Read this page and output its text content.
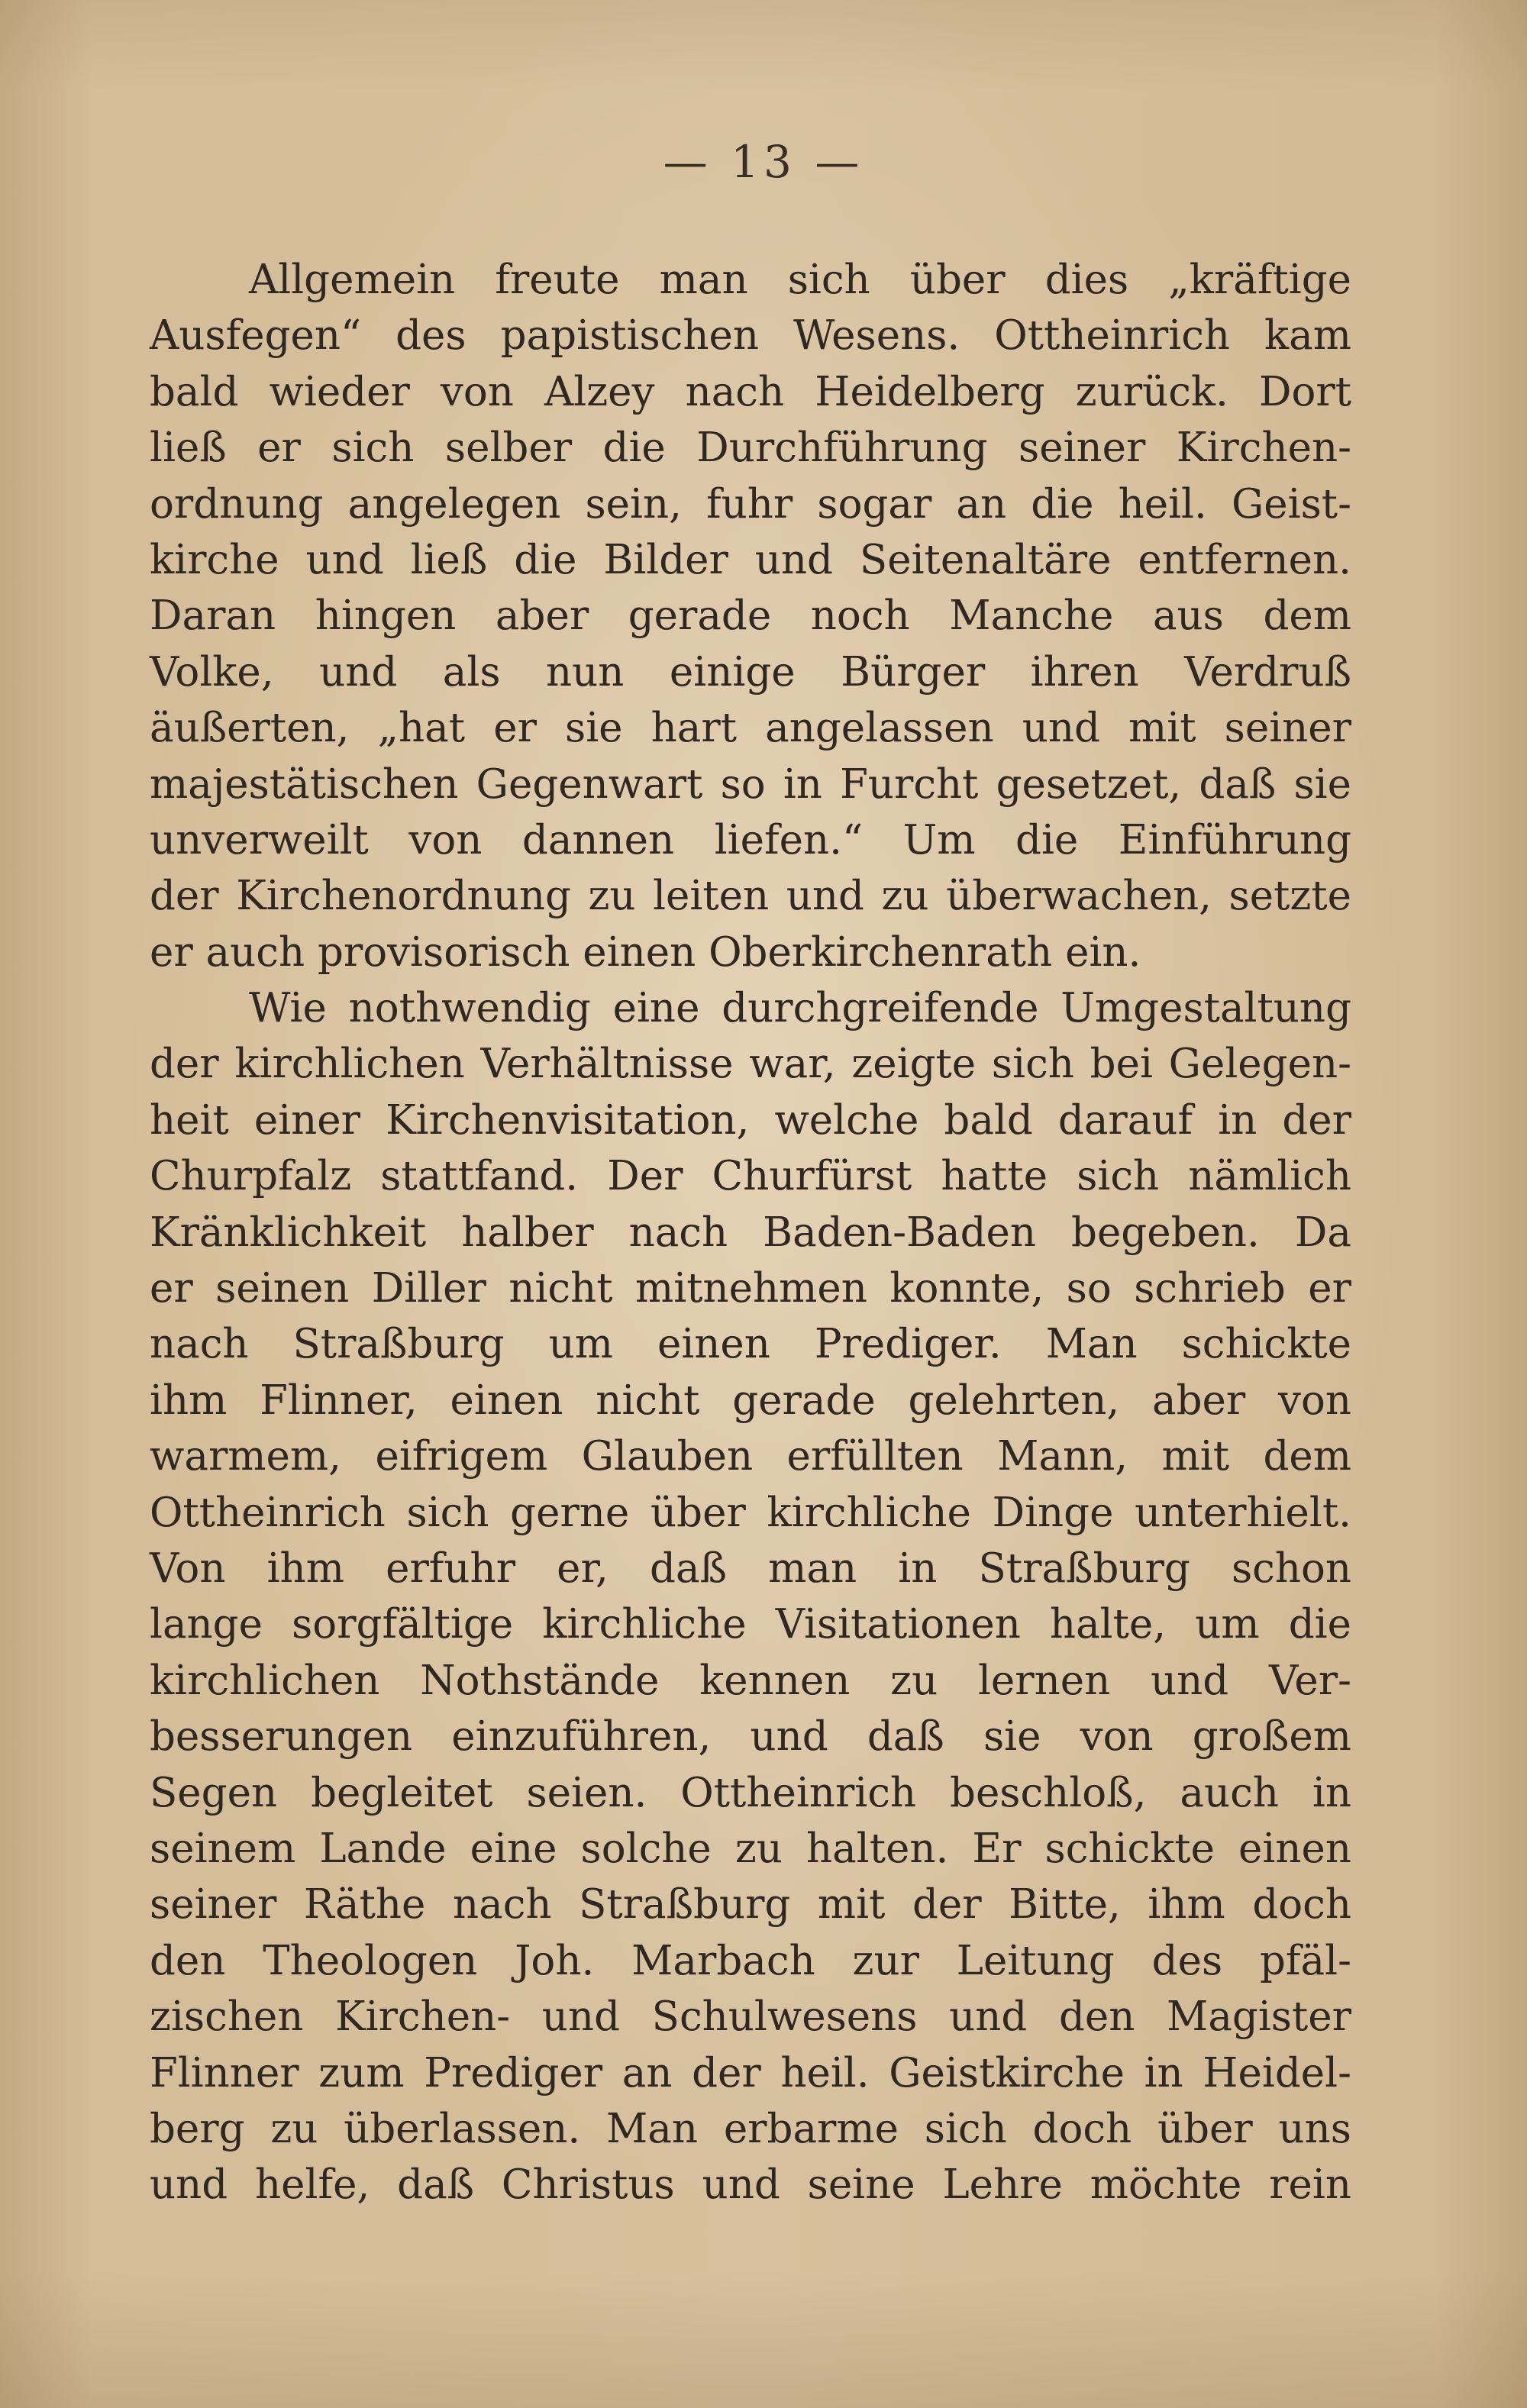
— 13 —
Allgemein freute man sich über dies „kräftige
Ausfegen“ des papistischen Wesens. Ottheinrich kam
bald wieder von Alzey nach Heidelberg zurück. Dort
ließ er sich selber die Durchführung seiner Kirchen-
ordnung angelegen sein, fuhr sogar an die heil. Geist-
kirche und ließ die Bilder und Seitenaltäre entfernen.
Daran hingen aber gerade noch Manche aus dem
Volke, und als nun einige Bürger ihren Verdruß
äußerten, „hat er sie hart angelassen und mit seiner
majestätischen Gegenwart so in Furcht gesetzet, daß sie
unverweilt von dannen liefen.“ Um die Einführung
der Kirchenordnung zu leiten und zu überwachen, setzte
er auch provisorisch einen Oberkirchenrath ein.
Wie nothwendig eine durchgreifende Umgestaltung
der kirchlichen Verhältnisse war, zeigte sich bei Gelegen-
heit einer Kirchenvisitation, welche bald darauf in der
Churpfalz stattfand. Der Churfürst hatte sich nämlich
Kränklichkeit halber nach Baden-Baden begeben. Da
er seinen Diller nicht mitnehmen konnte, so schrieb er
nach Straßburg um einen Prediger. Man schickte
ihm Flinner, einen nicht gerade gelehrten, aber von
warmem, eifrigem Glauben erfüllten Mann, mit dem
Ottheinrich sich gerne über kirchliche Dinge unterhielt.
Von ihm erfuhr er, daß man in Straßburg schon
lange sorgfältige kirchliche Visitationen halte, um die
kirchlichen Nothstände kennen zu lernen und Ver-
besserungen einzuführen, und daß sie von großem
Segen begleitet seien. Ottheinrich beschloß, auch in
seinem Lande eine solche zu halten. Er schickte einen
seiner Räthe nach Straßburg mit der Bitte, ihm doch
den Theologen Joh. Marbach zur Leitung des pfäl-
zischen Kirchen- und Schulwesens und den Magister
Flinner zum Prediger an der heil. Geistkirche in Heidel-
berg zu überlassen. Man erbarme sich doch über uns
und helfe, daß Christus und seine Lehre möchte rein
